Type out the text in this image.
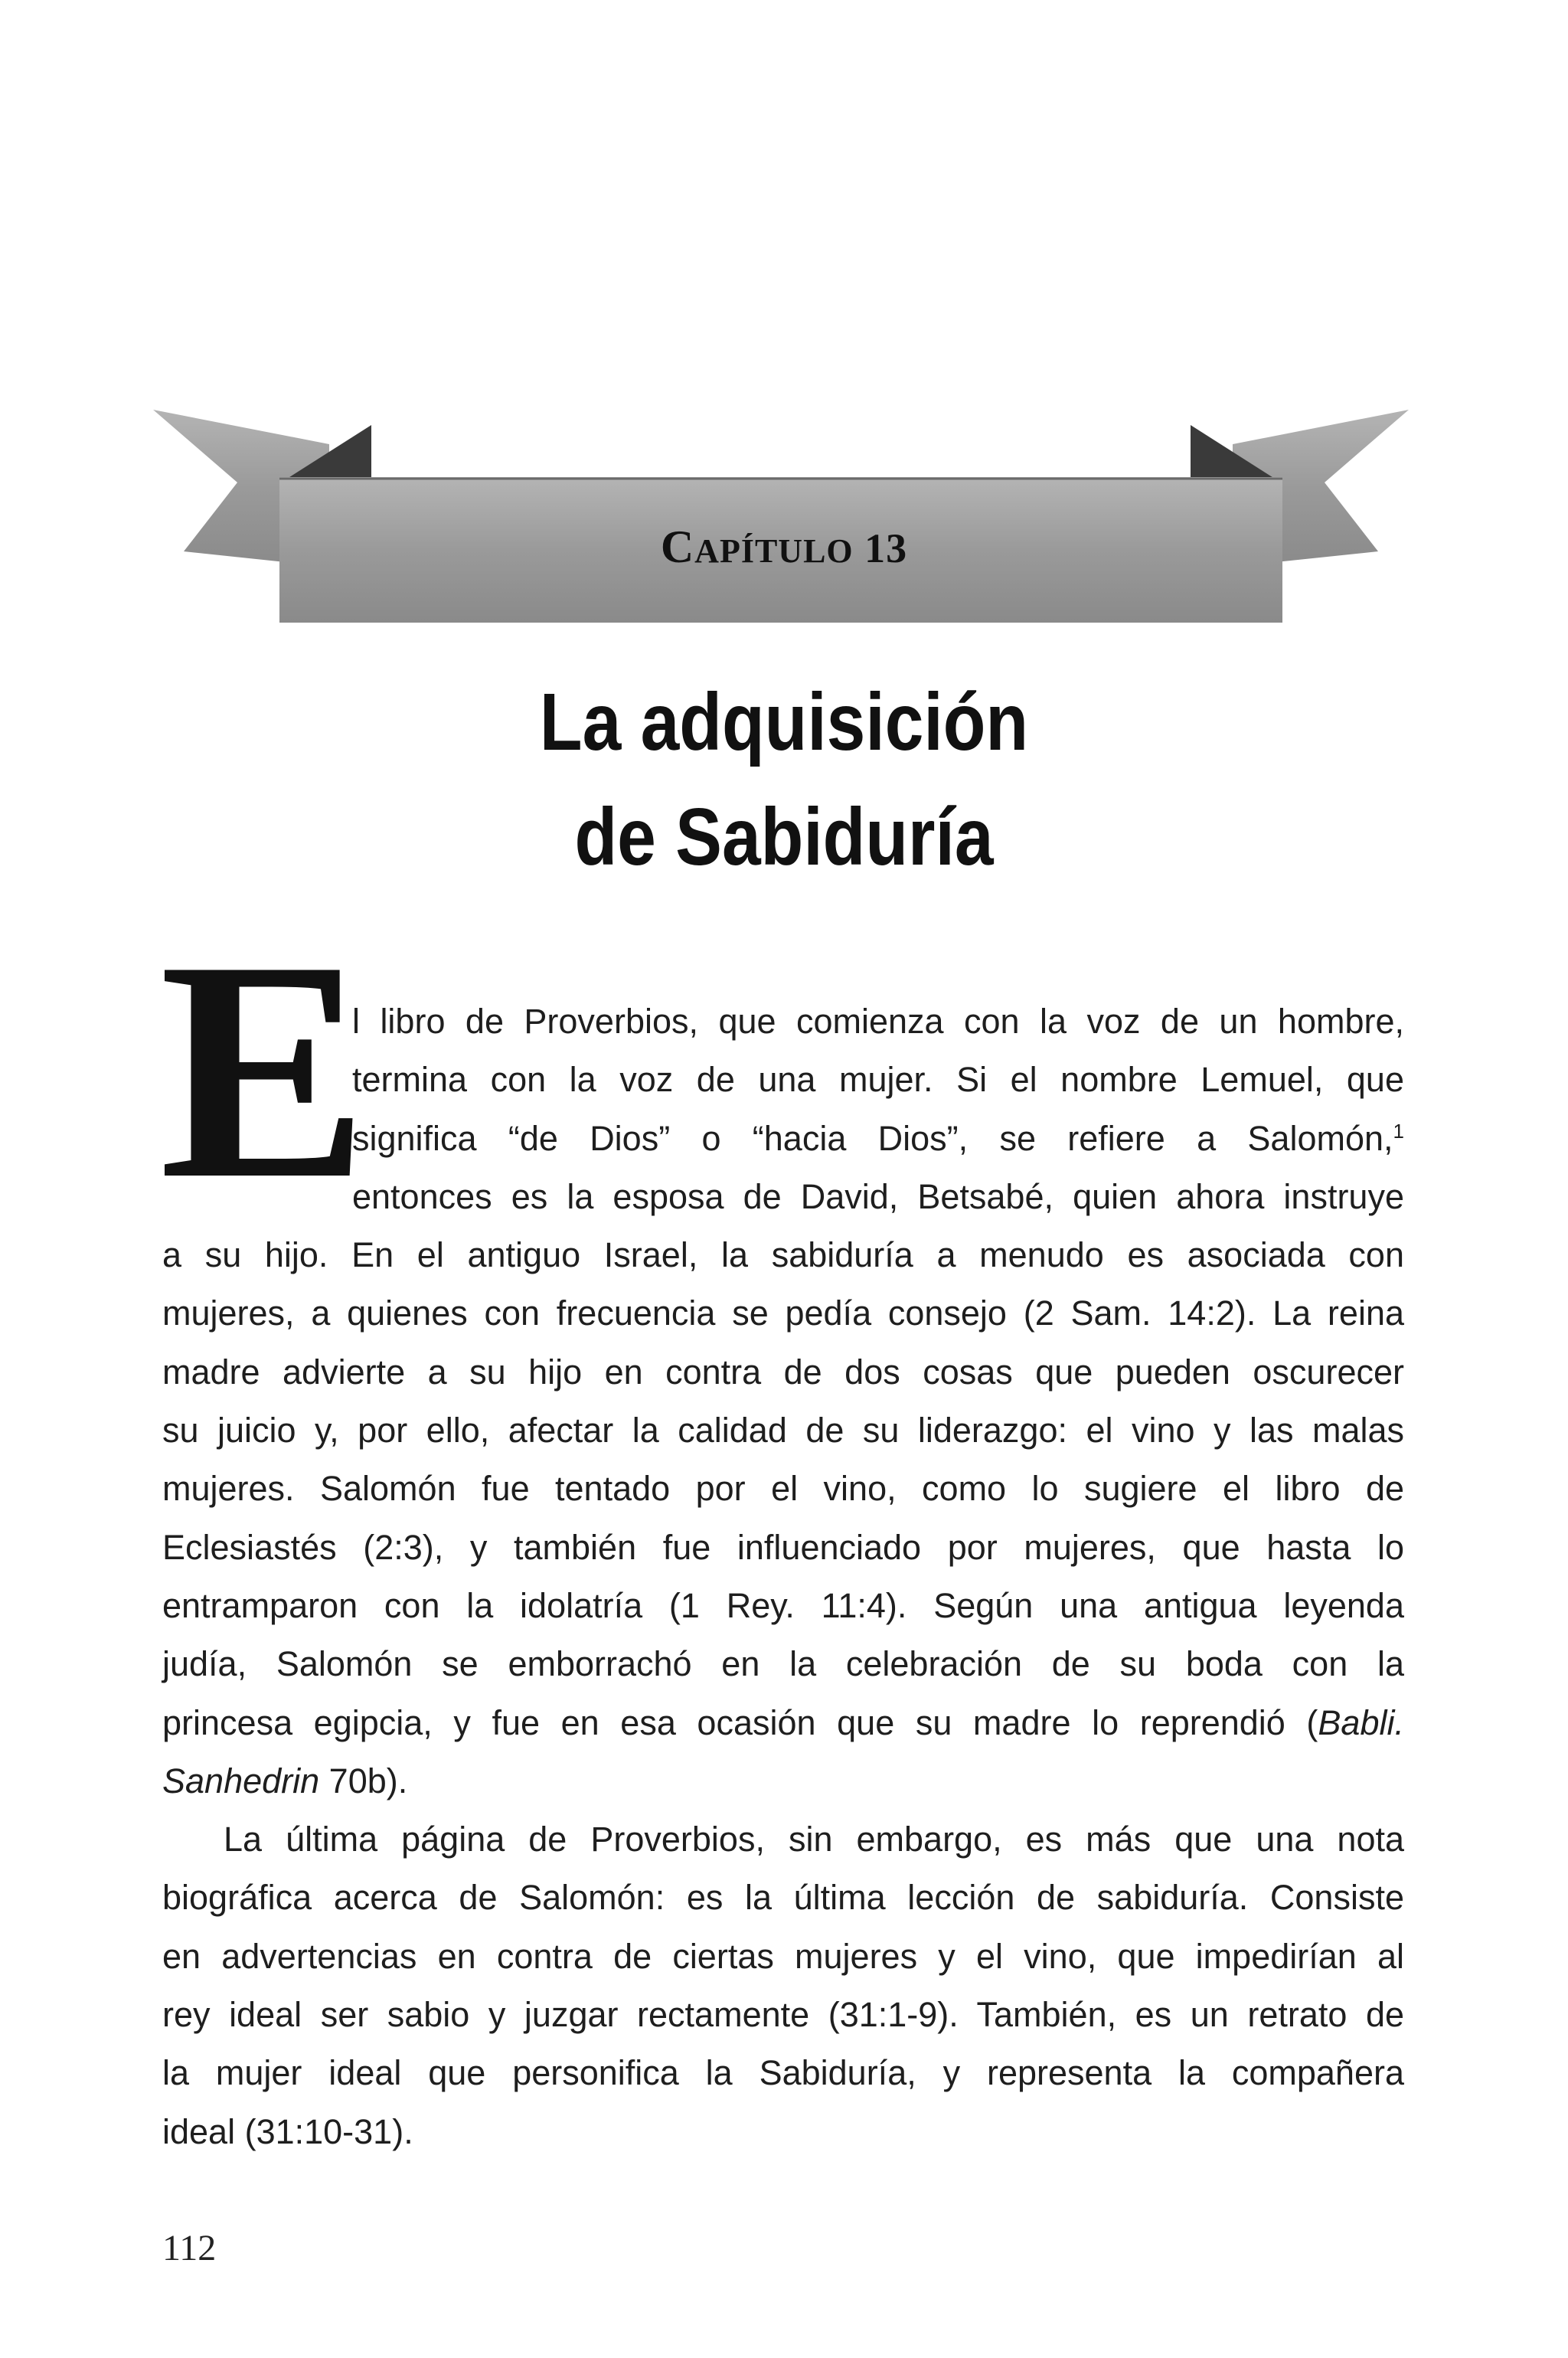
CAPÍTULO 13
La adquisición
de Sabiduría
E
l libro de Proverbios, que comienza con la voz de un hombre,
termina con la voz de una mujer. Si el nombre Lemuel, que
significa “de Dios” o “hacia Dios”, se refiere a Salomón,$^1$
entonces es la esposa de David, Betsabé, quien ahora instruye
a su hijo. En el antiguo Israel, la sabiduría a menudo es asociada con
mujeres, a quienes con frecuencia se pedía consejo (2 Sam. 14:2). La reina
madre advierte a su hijo en contra de dos cosas que pueden oscurecer
su juicio y, por ello, afectar la calidad de su liderazgo: el vino y las malas
mujeres. Salomón fue tentado por el vino, como lo sugiere el libro de
Eclesiastés (2:3), y también fue influenciado por mujeres, que hasta lo
entramparon con la idolatría (1 Rey. 11:4). Según una antigua leyenda
judía, Salomón se emborrachó en la celebración de su boda con la
princesa egipcia, y fue en esa ocasión que su madre lo reprendió (Babli.
Sanhedrin 70b).
La última página de Proverbios, sin embargo, es más que una nota
biográfica acerca de Salomón: es la última lección de sabiduría. Consiste
en advertencias en contra de ciertas mujeres y el vino, que impedirían al
rey ideal ser sabio y juzgar rectamente (31:1-9). También, es un retrato de
la mujer ideal que personifica la Sabiduría, y representa la compañera
ideal (31:10-31).
112
